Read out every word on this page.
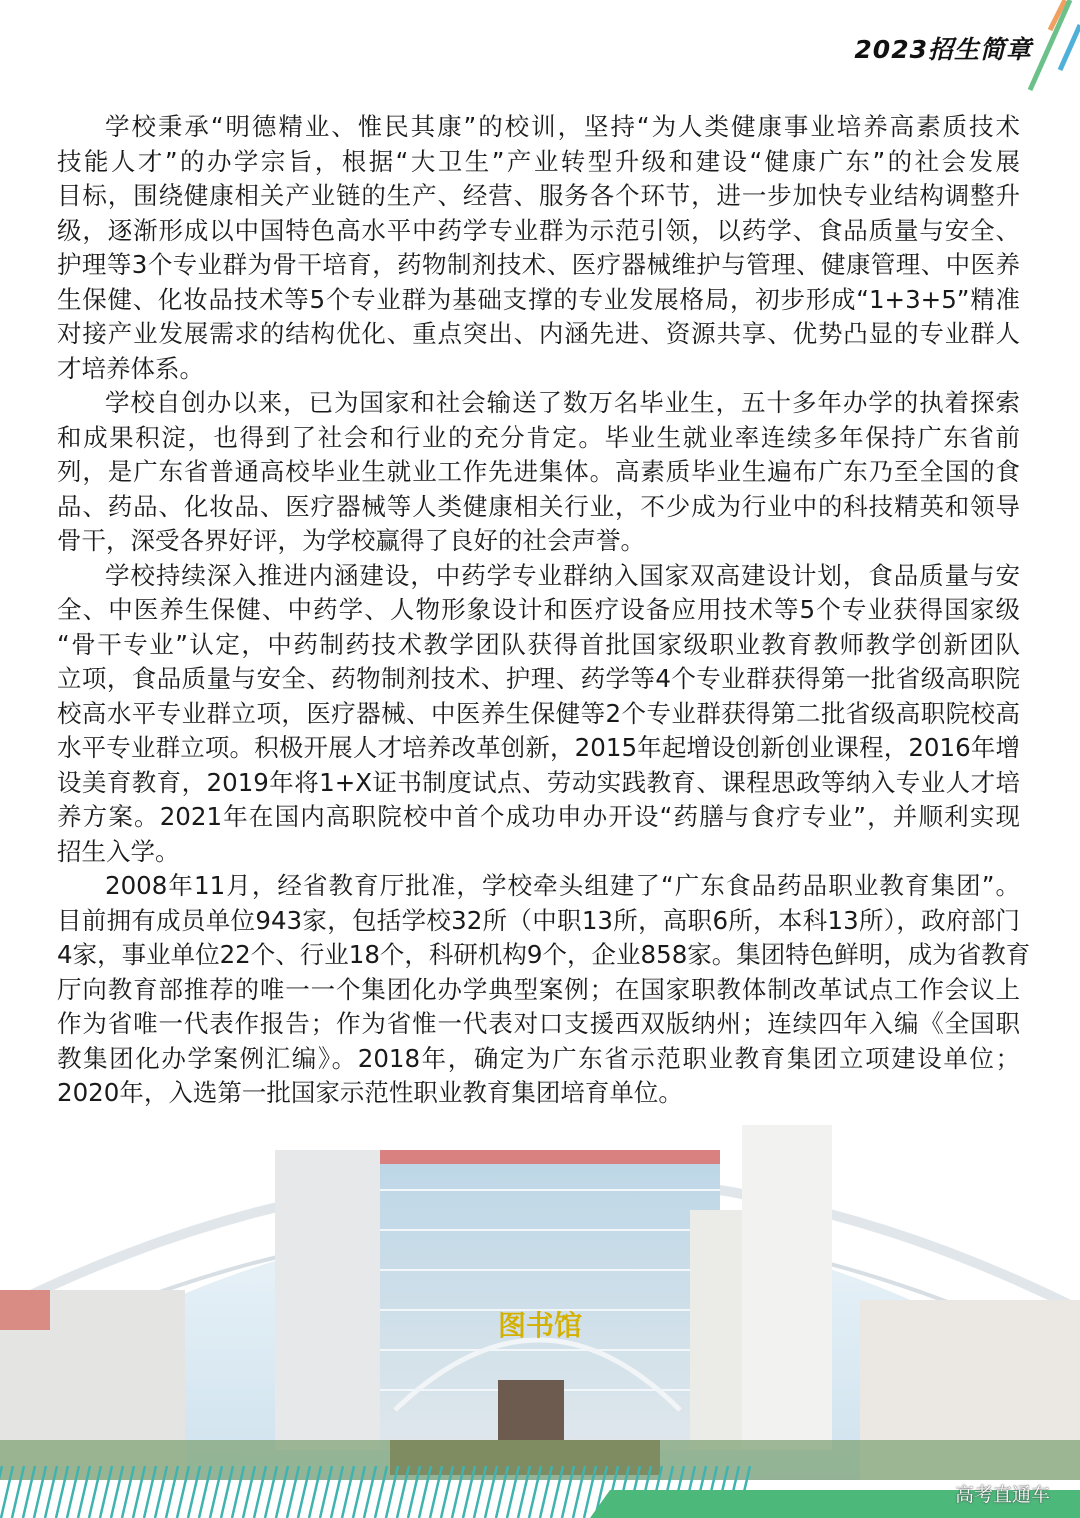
2023招生简章
学校秉承“明德精业、惟民其康”的校训，坚持“为人类健康事业培养高素质技术
技能人才”的办学宗旨，根据“大卫生”产业转型升级和建设“健康广东”的社会发展
目标，围绕健康相关产业链的生产、经营、服务各个环节，进一步加快专业结构调整升
级，逐渐形成以中国特色高水平中药学专业群为示范引领，以药学、食品质量与安全、
护理等3个专业群为骨干培育，药物制剂技术、医疗器械维护与管理、健康管理、中医养
生保健、化妆品技术等5个专业群为基础支撑的专业发展格局，初步形成“1+3+5”精准
对接产业发展需求的结构优化、重点突出、内涵先进、资源共享、优势凸显的专业群人
才培养体系。
学校自创办以来，已为国家和社会输送了数万名毕业生，五十多年办学的执着探索
和成果积淀，也得到了社会和行业的充分肯定。毕业生就业率连续多年保持广东省前
列，是广东省普通高校毕业生就业工作先进集体。高素质毕业生遍布广东乃至全国的食
品、药品、化妆品、医疗器械等人类健康相关行业，不少成为行业中的科技精英和领导
骨干，深受各界好评，为学校赢得了良好的社会声誉。
学校持续深入推进内涵建设，中药学专业群纳入国家双高建设计划，食品质量与安
全、中医养生保健、中药学、人物形象设计和医疗设备应用技术等5个专业获得国家级
“骨干专业”认定，中药制药技术教学团队获得首批国家级职业教育教师教学创新团队
立项，食品质量与安全、药物制剂技术、护理、药学等4个专业群获得第一批省级高职院
校高水平专业群立项，医疗器械、中医养生保健等2个专业群获得第二批省级高职院校高
水平专业群立项。积极开展人才培养改革创新，2015年起增设创新创业课程，2016年增
设美育教育，2019年将1+X证书制度试点、劳动实践教育、课程思政等纳入专业人才培
养方案。2021年在国内高职院校中首个成功申办开设“药膳与食疗专业”，并顺利实现
招生入学。
2008年11月，经省教育厅批准，学校牵头组建了“广东食品药品职业教育集团”。
目前拥有成员单位943家，包括学校32所（中职13所，高职6所，本科13所），政府部门
4家，事业单位22个、行业18个，科研机构9个，企业858家。集团特色鲜明，成为省教育
厅向教育部推荐的唯一一个集团化办学典型案例；在国家职教体制改革试点工作会议上
作为省唯一代表作报告；作为省惟一代表对口支援西双版纳州；连续四年入编《全国职
教集团化办学案例汇编》。2018年，确定为广东省示范职业教育集团立项建设单位；
2020年，入选第一批国家示范性职业教育集团培育单位。
图书馆
高考直通车
